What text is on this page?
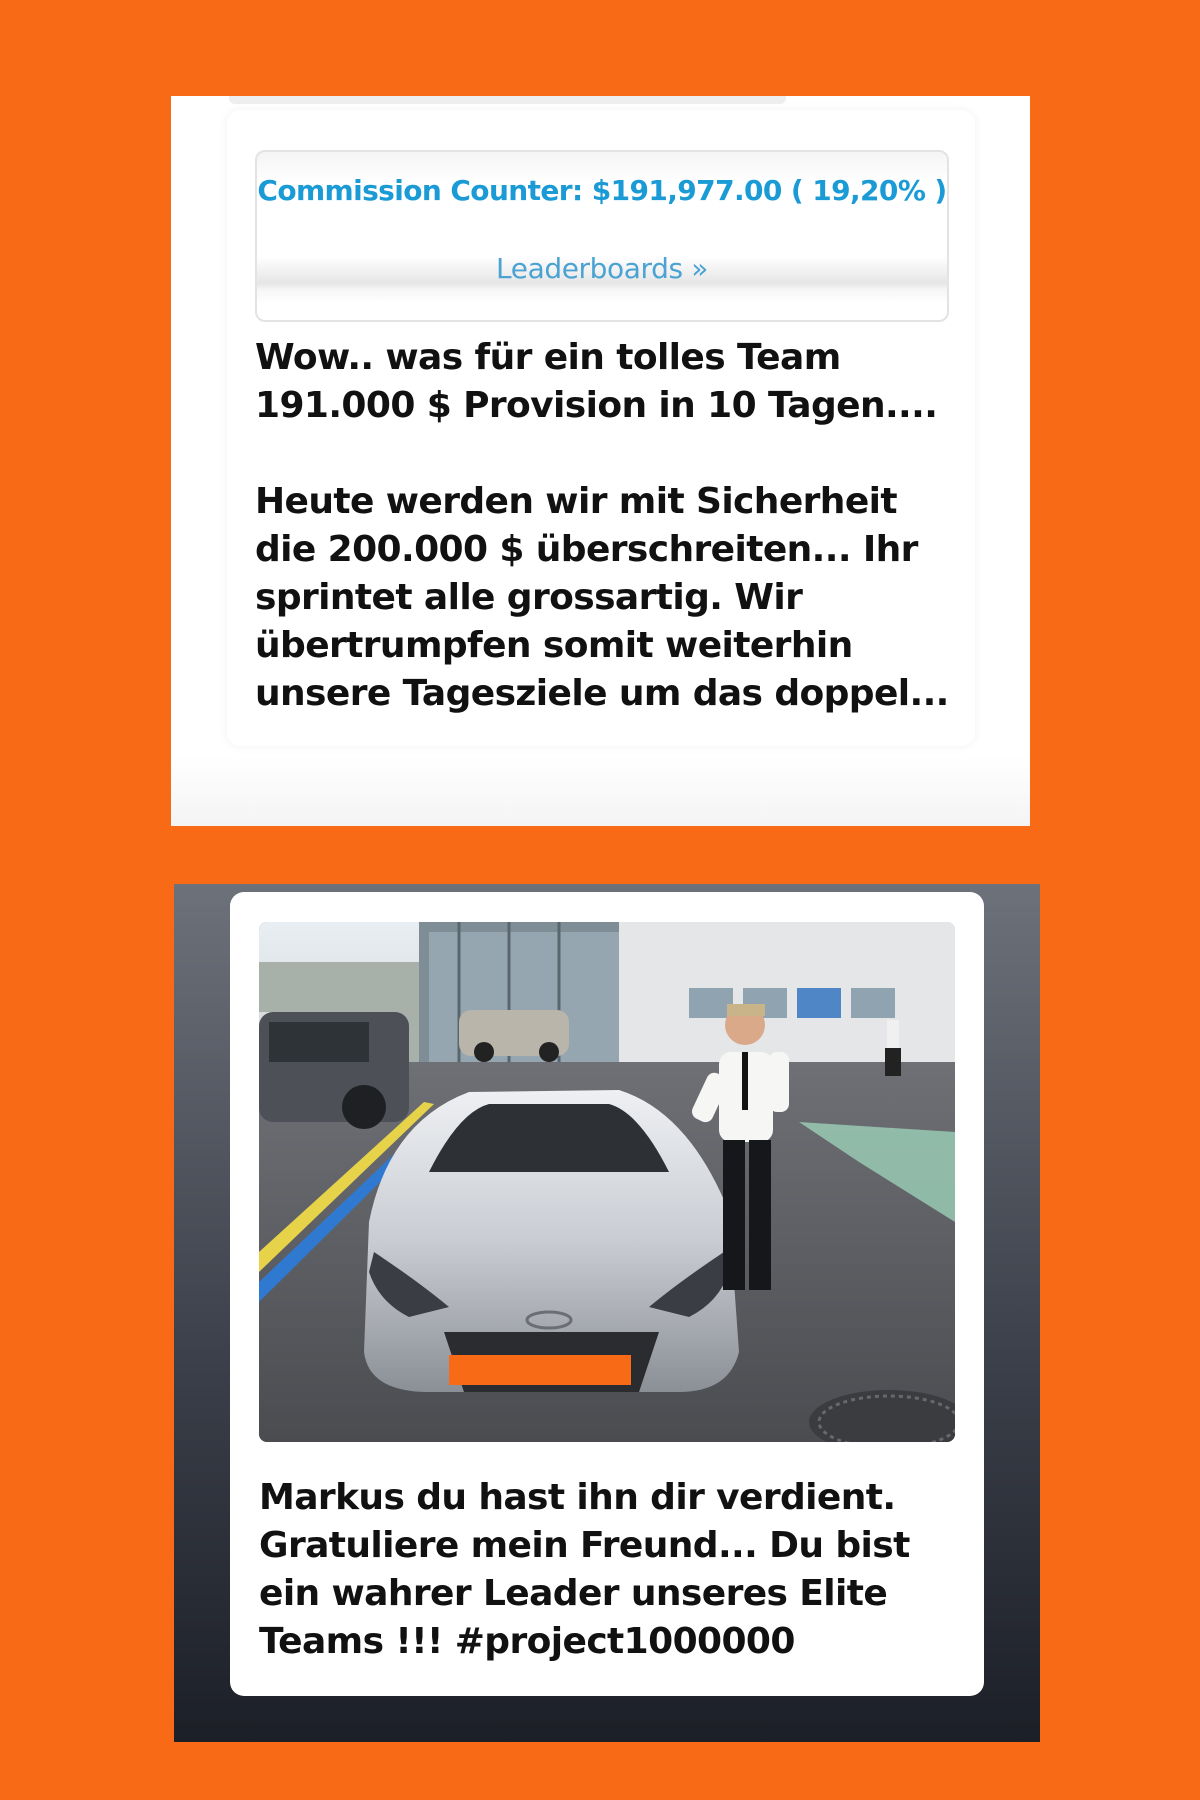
Commission Counter: $191,977.00 ( 19,20% )
Leaderboards »

Wow.. was für ein tolles Team

191.000 $ Provision in 10 Tagen....

Heute werden wir mit Sicherheit

die 200.000 $ überschreiten... Ihr

sprintet alle grossartig. Wir

übertrumpfen somit weiterhin

unsere Tagesziele um das doppel...

Markus du hast ihn dir verdient.
Gratuliere mein Freund... Du bist
ein wahrer Leader unseres Elite
Teams !!! #project1000000
